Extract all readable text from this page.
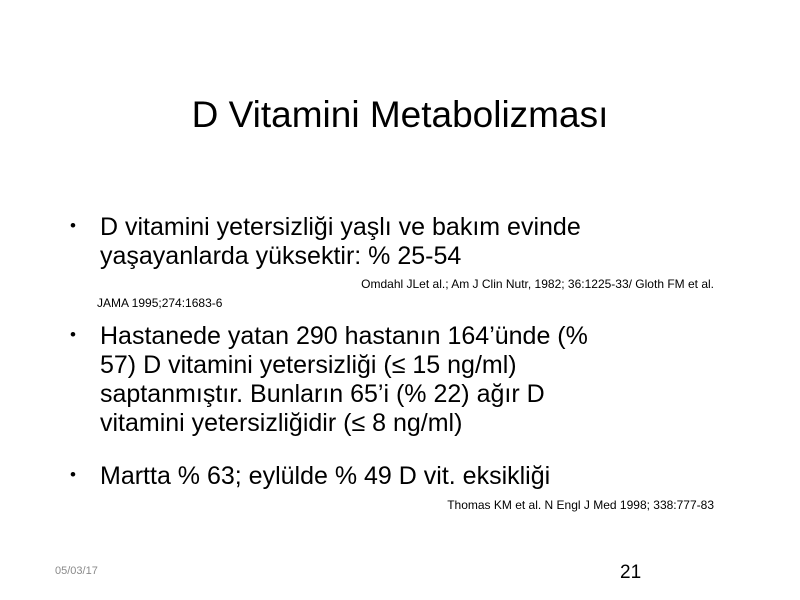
D Vitamini Metabolizması
• D vitamini yetersizliği yaşlı ve bakım evinde
yaşayanlarda yüksektir: % 25-54
Omdahl JLet al.; Am J Clin Nutr, 1982; 36:1225-33/ Gloth FM et al.
JAMA 1995;274:1683-6
• Hastanede yatan 290 hastanın 164’ünde (%
57) D vitamini yetersizliği (≤ 15 ng/ml)
saptanmıştır. Bunların 65’i (% 22) ağır D
vitamini yetersizliğidir (≤ 8 ng/ml)
• Martta % 63; eylülde % 49 D vit. eksikliği
Thomas KM et al. N Engl J Med 1998; 338:777-83
05/03/17	21
